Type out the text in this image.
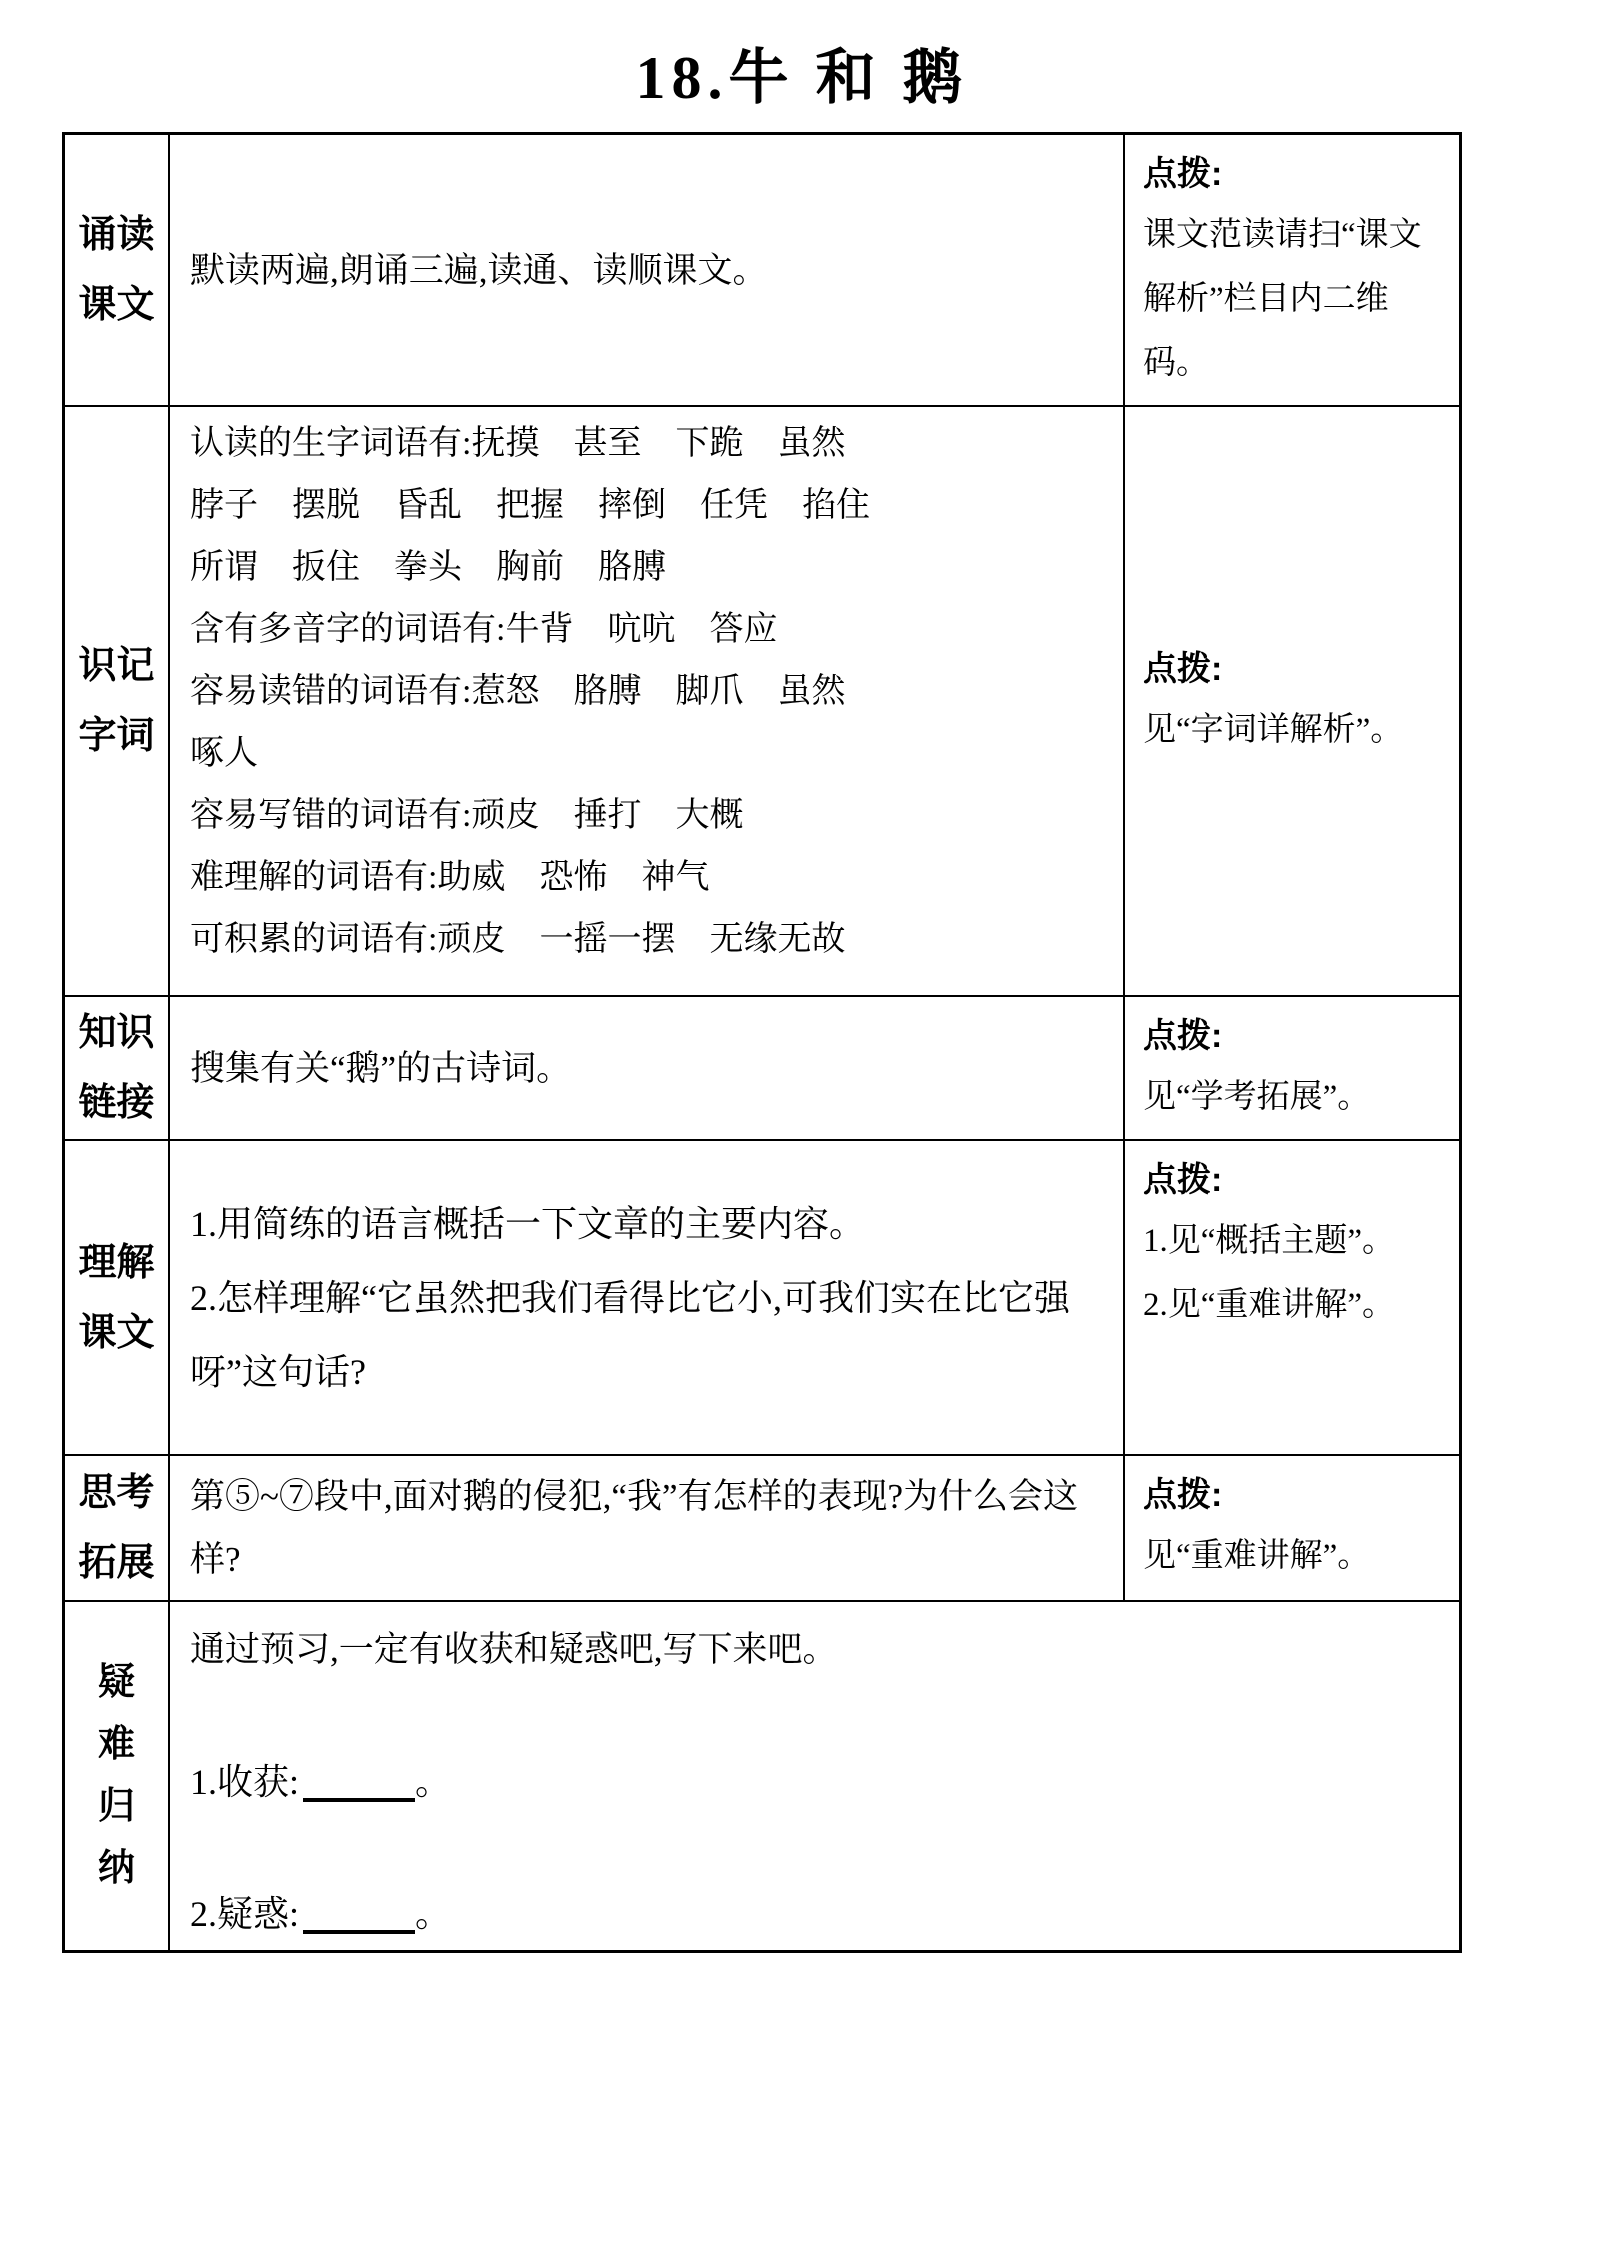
18.牛 和 鹅
诵读
课文
默读两遍,朗诵三遍,读通、读顺课文。
点拨:
课文范读请扫“课文解析”栏目内二维码。
识记
字词
认读的生字词语有:抚摸　甚至　下跪　虽然
脖子　摆脱　昏乱　把握　摔倒　任凭　掐住
所谓　扳住　拳头　胸前　胳膊
含有多音字的词语有:牛背　吭吭　答应
容易读错的词语有:惹怒　胳膊　脚爪　虽然
啄人
容易写错的词语有:顽皮　捶打　大概
难理解的词语有:助威　恐怖　神气
可积累的词语有:顽皮　一摇一摆　无缘无故
点拨:
见“字词详解析”。
知识
链接
搜集有关“鹅”的古诗词。
点拨:
见“学考拓展”。
理解
课文
1.用简练的语言概括一下文章的主要内容。
2.怎样理解“它虽然把我们看得比它小,可我们实在比它强呀”这句话?
点拨:
1.见“概括主题”。
2.见“重难讲解”。
思考
拓展
第⑤~⑦段中,面对鹅的侵犯,“我”有怎样的表现?为什么会这样?
点拨:
见“重难讲解”。
疑
难
归
纳
通过预习,一定有收获和疑惑吧,写下来吧。
1.收获:	。
2.疑惑:	。
